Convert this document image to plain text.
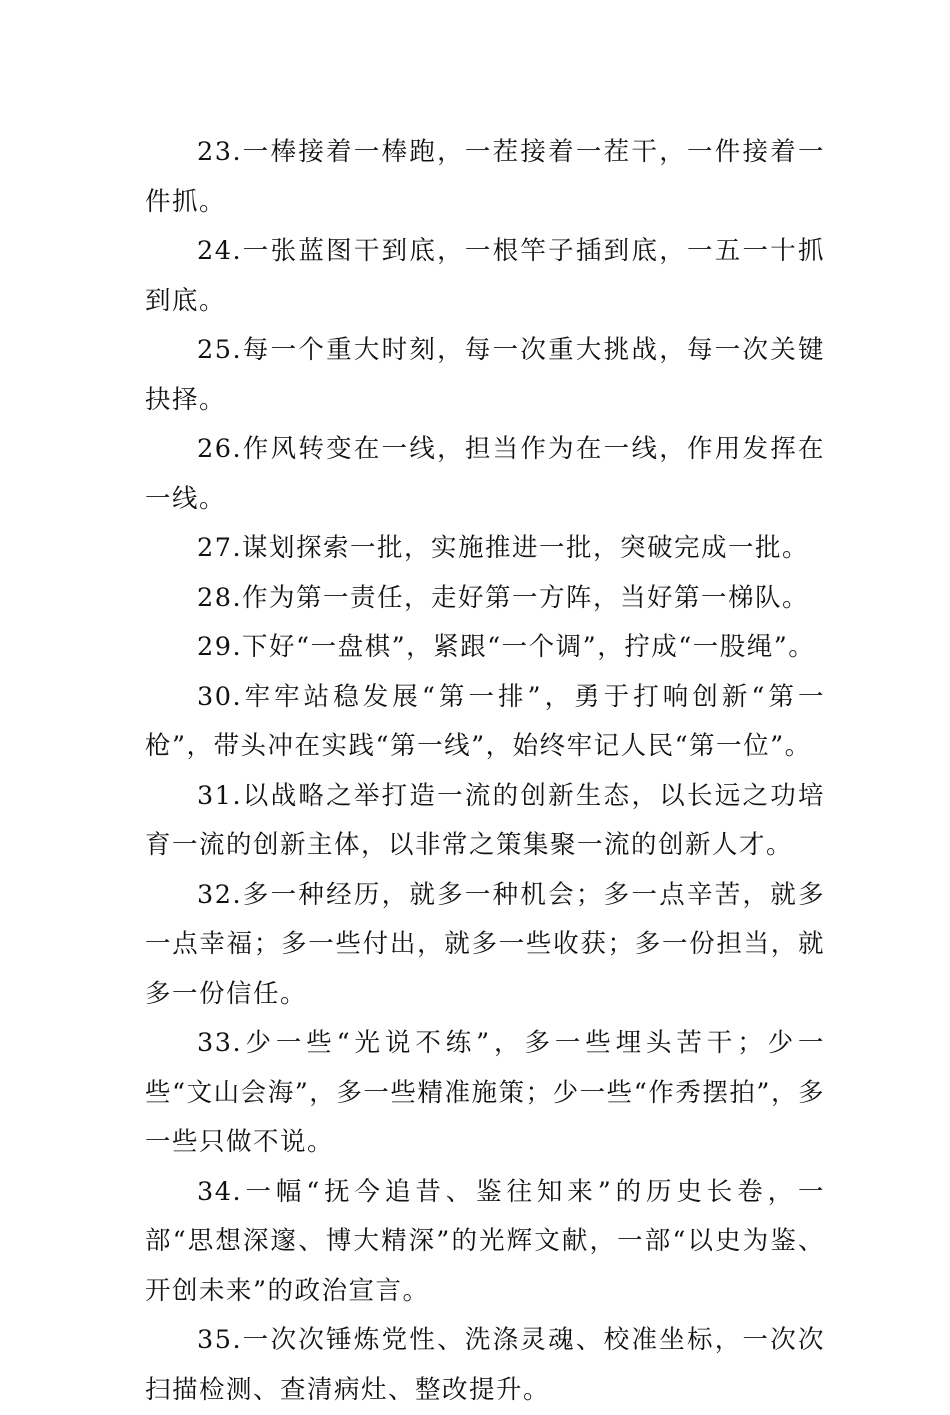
23.一棒接着一棒跑，一茬接着一茬干，一件接着一件抓。

24.一张蓝图干到底，一根竿子插到底，一五一十抓到底。

25.每一个重大时刻，每一次重大挑战，每一次关键抉择。

26.作风转变在一线，担当作为在一线，作用发挥在一线。

27.谋划探索一批，实施推进一批，突破完成一批。

28.作为第一责任，走好第一方阵，当好第一梯队。

29.下好“一盘棋”，紧跟“一个调”，拧成“一股绳”。

30.牢牢站稳发展“第一排”，勇于打响创新“第一枪”，带头冲在实践“第一线”，始终牢记人民“第一位”。

31.以战略之举打造一流的创新生态，以长远之功培育一流的创新主体，以非常之策集聚一流的创新人才。

32.多一种经历，就多一种机会；多一点辛苦，就多一点幸福；多一些付出，就多一些收获；多一份担当，就多一份信任。

33.少一些“光说不练”，多一些埋头苦干；少一些“文山会海”，多一些精准施策；少一些“作秀摆拍”，多一些只做不说。

34.一幅“抚今追昔、鉴往知来”的历史长卷，一部“思想深邃、博大精深”的光辉文献，一部“以史为鉴、开创未来”的政治宣言。

35.一次次锤炼党性、洗涤灵魂、校准坐标，一次次扫描检测、查清病灶、整改提升。
